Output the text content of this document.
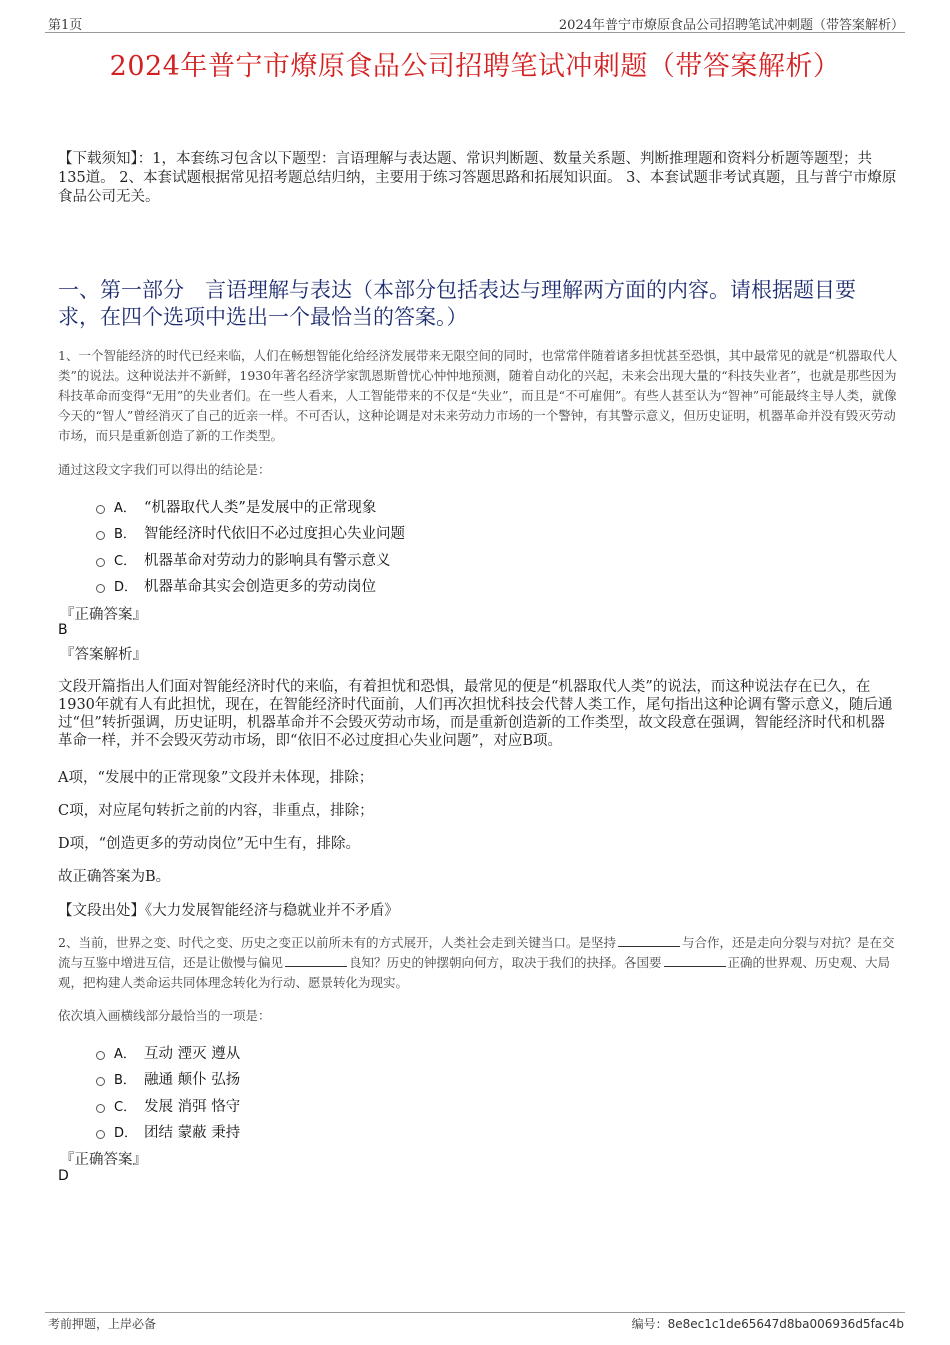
第1页	2024年普宁市燎原食品公司招聘笔试冲刺题（带答案解析）
2024年普宁市燎原食品公司招聘笔试冲刺题（带答案解析）
【下载须知】：1，本套练习包含以下题型：言语理解与表达题、常识判断题、数量关系题、判断推理题和资料分析题等题型；共135道。 2、本套试题根据常见招考题总结归纳，主要用于练习答题思路和拓展知识面。 3、本套试题非考试真题，且与普宁市燎原食品公司无关。
一、第一部分　言语理解与表达（本部分包括表达与理解两方面的内容。请根据题目要求，在四个选项中选出一个最恰当的答案。）
1、一个智能经济的时代已经来临，人们在畅想智能化给经济发展带来无限空间的同时，也常常伴随着诸多担忧甚至恐惧，其中最常见的就是“机器取代人类”的说法。这种说法并不新鲜，1930年著名经济学家凯恩斯曾忧心忡忡地预测，随着自动化的兴起，未来会出现大量的“科技失业者”，也就是那些因为科技革命而变得“无用”的失业者们。在一些人看来，人工智能带来的不仅是“失业”，而且是“不可雇佣”。有些人甚至认为“智神”可能最终主导人类，就像今天的“智人”曾经消灭了自己的近亲一样。不可否认，这种论调是对未来劳动力市场的一个警钟，有其警示意义，但历史证明，机器革命并没有毁灭劳动市场，而只是重新创造了新的工作类型。
通过这段文字我们可以得出的结论是：
A． “机器取代人类”是发展中的正常现象
B． 智能经济时代依旧不必过度担心失业问题
C． 机器革命对劳动力的影响具有警示意义
D． 机器革命其实会创造更多的劳动岗位
『正确答案』
B
『答案解析』
文段开篇指出人们面对智能经济时代的来临，有着担忧和恐惧，最常见的便是“机器取代人类”的说法，而这种说法存在已久，在1930年就有人有此担忧，现在，在智能经济时代面前，人们再次担忧科技会代替人类工作，尾句指出这种论调有警示意义，随后通过“但”转折强调，历史证明，机器革命并不会毁灭劳动市场，而是重新创造新的工作类型，故文段意在强调，智能经济时代和机器革命一样，并不会毁灭劳动市场，即“依旧不必过度担心失业问题”，对应B项。
A项，“发展中的正常现象”文段并未体现，排除；
C项，对应尾句转折之前的内容，非重点，排除；
D项，“创造更多的劳动岗位”无中生有，排除。
故正确答案为B。
【文段出处】《大力发展智能经济与稳就业并不矛盾》
2、当前，世界之变、时代之变、历史之变正以前所未有的方式展开，人类社会走到关键当口。是坚持	与合作，还是走向分裂与对抗？是在交流与互鉴中增进互信，还是让傲慢与偏见	良知？历史的钟摆朝向何方，取决于我们的抉择。各国要	正确的世界观、历史观、大局观，把构建人类命运共同体理念转化为行动、愿景转化为现实。
依次填入画横线部分最恰当的一项是：
A． 互动 湮灭 遵从
B． 融通 颠仆 弘扬
C． 发展 消弭 恪守
D． 团结 蒙蔽 秉持
『正确答案』
D
考前押题，上岸必备	编号：8e8ec1c1de65647d8ba006936d5fac4b
